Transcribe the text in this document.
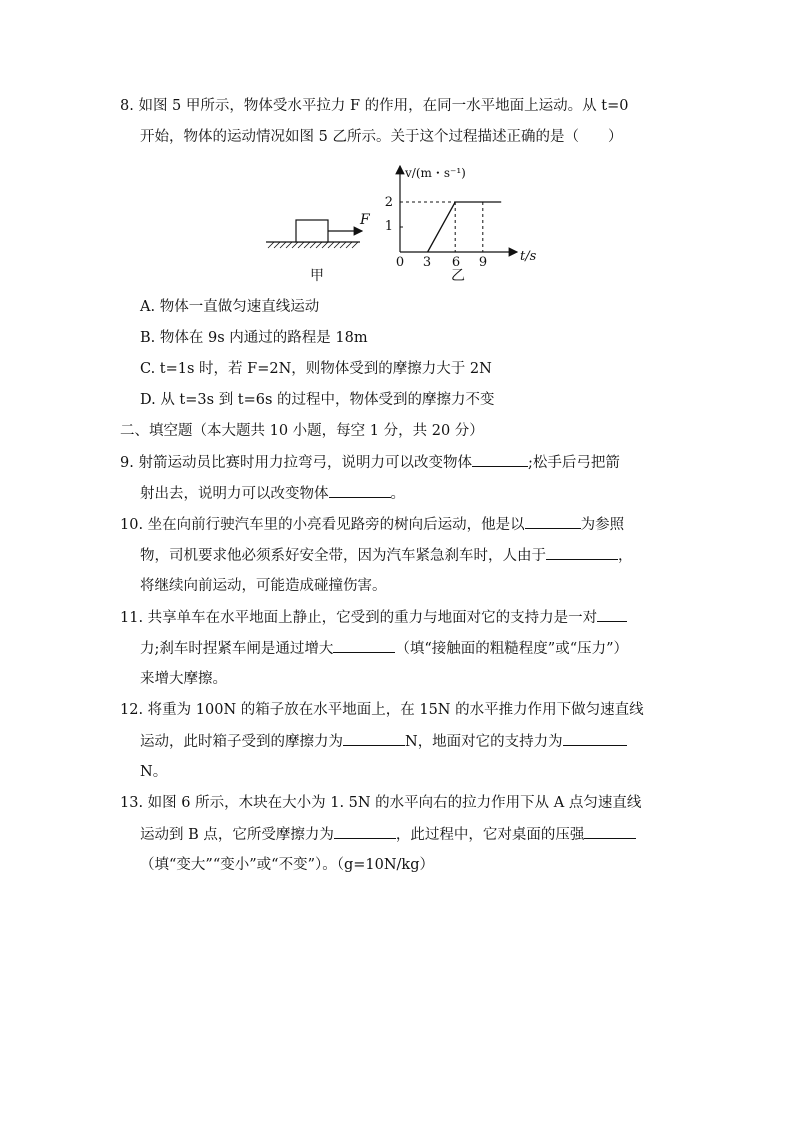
8. 如图 5 甲所示，物体受水平拉力 F 的作用，在同一水平地面上运动。从 t=0
开始，物体的运动情况如图 5 乙所示。关于这个过程描述正确的是（　　）
F
甲
v/(m・s⁻¹)
t/s
2
1
0 3 6 9
乙
A. 物体一直做匀速直线运动
B. 物体在 9s 内通过的路程是 18m
C. t=1s 时，若 F=2N，则物体受到的摩擦力大于 2N
D. 从 t=3s 到 t=6s 的过程中，物体受到的摩擦力不变
二、填空题（本大题共 10 小题，每空 1 分，共 20 分）
9. 射箭运动员比赛时用力拉弯弓，说明力可以改变物体	;松手后弓把箭
射出去，说明力可以改变物体	。
10. 坐在向前行驶汽车里的小亮看见路旁的树向后运动，他是以	为参照
物，司机要求他必须系好安全带，因为汽车紧急刹车时，人由于	，
将继续向前运动，可能造成碰撞伤害。
11. 共享单车在水平地面上静止，它受到的重力与地面对它的支持力是一对
力;刹车时捏紧车闸是通过增大	（填“接触面的粗糙程度”或“压力”）
来增大摩擦。
12. 将重为 100N 的箱子放在水平地面上，在 15N 的水平推力作用下做匀速直线
运动，此时箱子受到的摩擦力为	N，地面对它的支持力为
N。
13. 如图 6 所示，木块在大小为 1. 5N 的水平向右的拉力作用下从 A 点匀速直线
运动到 B 点，它所受摩擦力为	，此过程中，它对桌面的压强
（填“变大”“变小”或“不变”）。（g=10N/kg）
